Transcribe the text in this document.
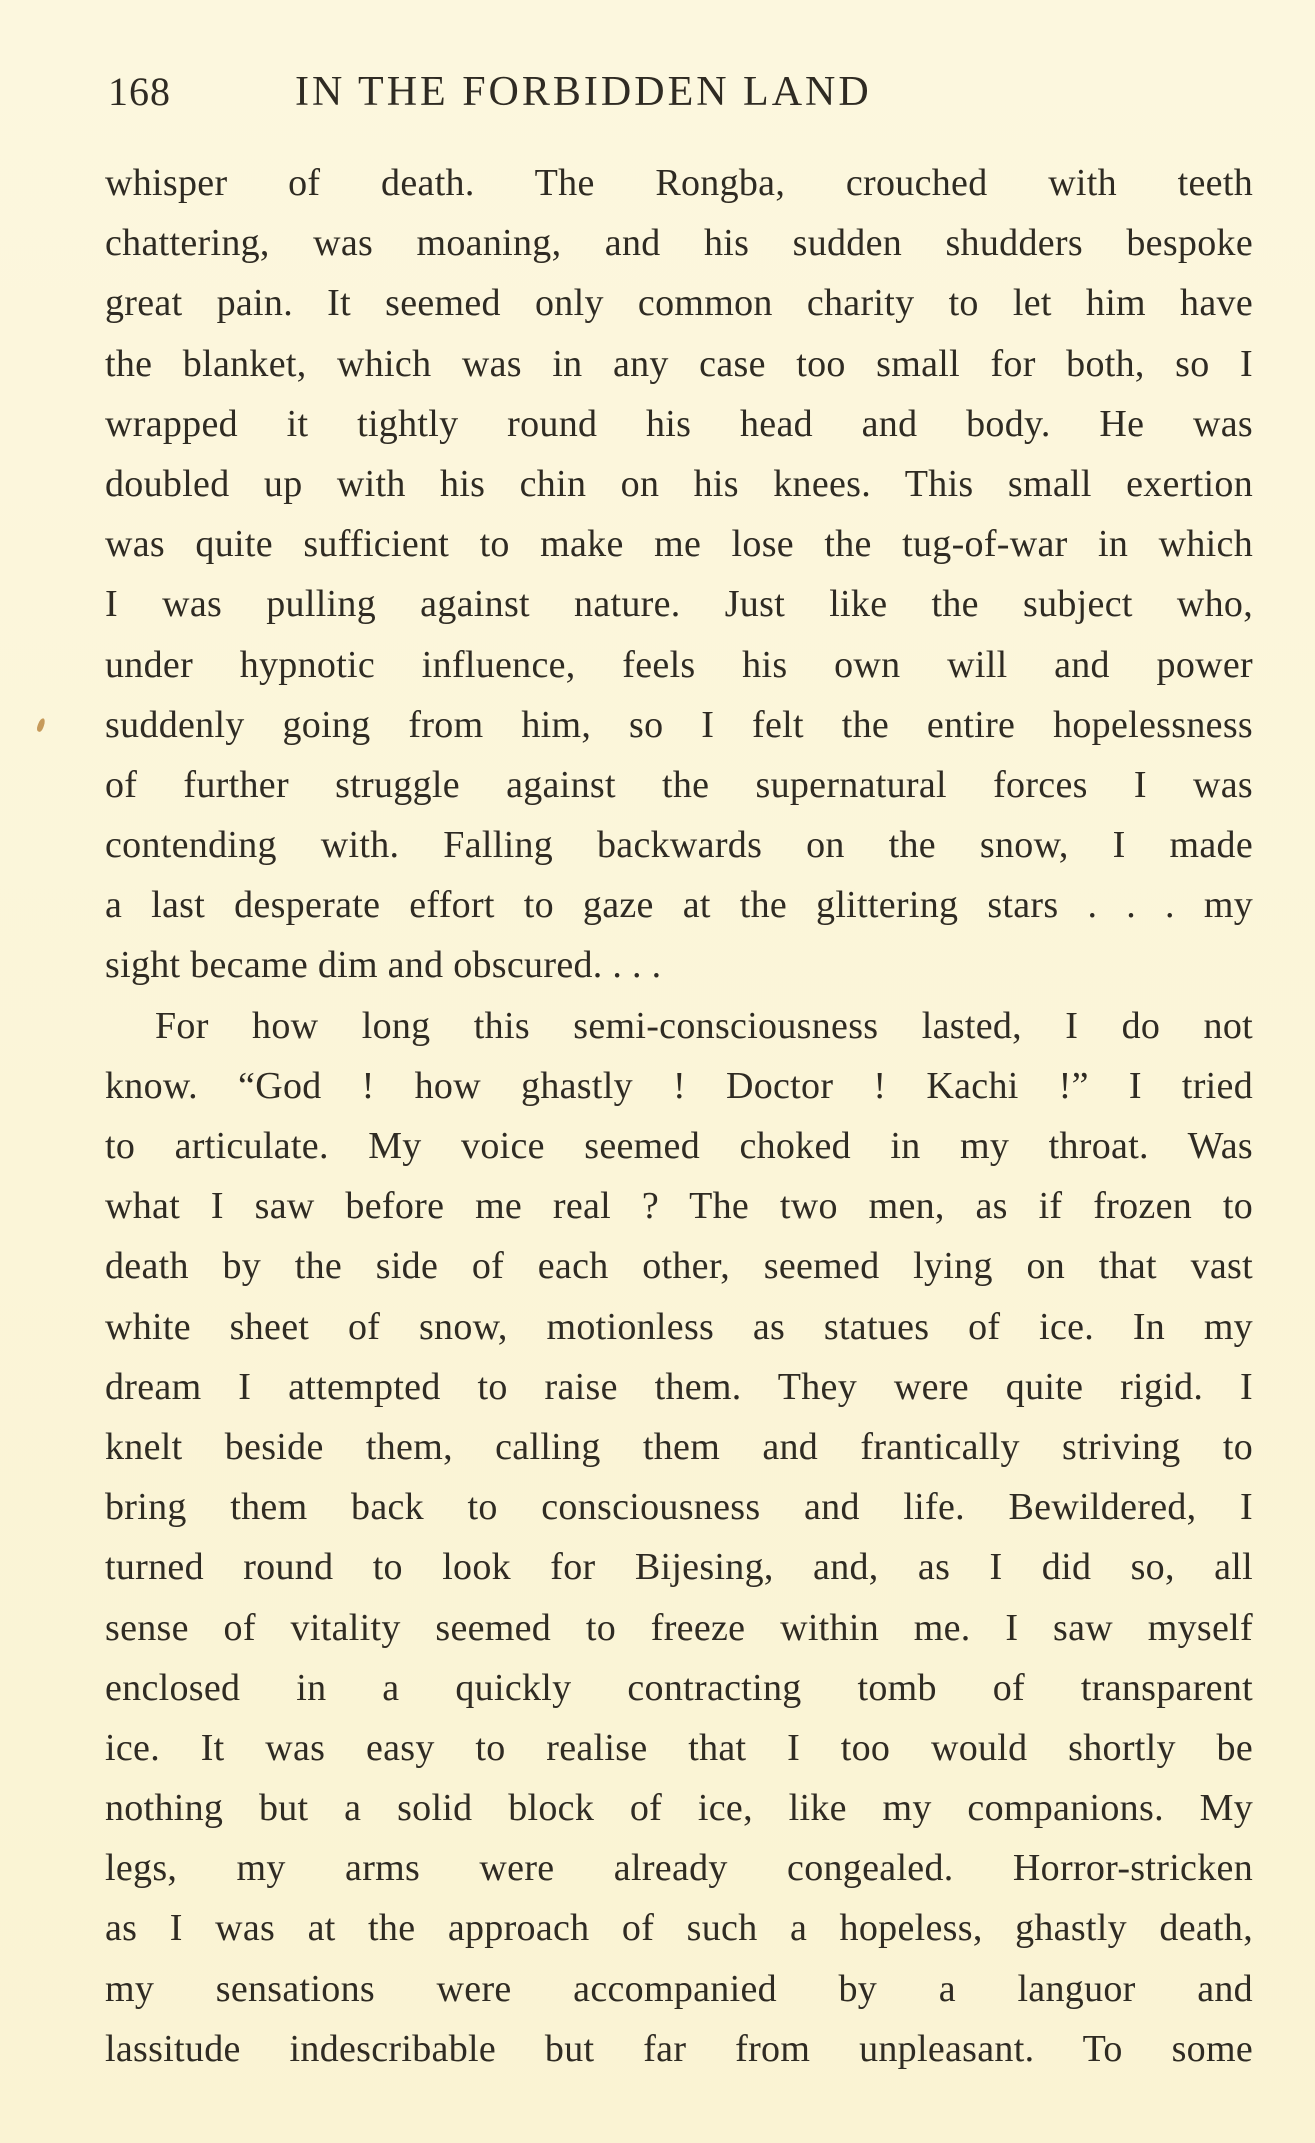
168	IN THE FORBIDDEN LAND
whisper of death. The Rongba, crouched with teeth
chattering, was moaning, and his sudden shudders bespoke
great pain. It seemed only common charity to let him have
the blanket, which was in any case too small for both, so I
wrapped it tightly round his head and body. He was
doubled up with his chin on his knees. This small exertion
was quite sufficient to make me lose the tug-of-war in which
I was pulling against nature. Just like the subject who,
under hypnotic influence, feels his own will and power
suddenly going from him, so I felt the entire hopelessness
of further struggle against the supernatural forces I was
contending with. Falling backwards on the snow, I made
a last desperate effort to gaze at the glittering stars . . . my
sight became dim and obscured. . . .
For how long this semi-consciousness lasted, I do not
know. “God ! how ghastly ! Doctor ! Kachi !” I tried
to articulate. My voice seemed choked in my throat. Was
what I saw before me real ? The two men, as if frozen to
death by the side of each other, seemed lying on that vast
white sheet of snow, motionless as statues of ice. In my
dream I attempted to raise them. They were quite rigid. I
knelt beside them, calling them and frantically striving to
bring them back to consciousness and life. Bewildered, I
turned round to look for Bijesing, and, as I did so, all
sense of vitality seemed to freeze within me. I saw myself
enclosed in a quickly contracting tomb of transparent
ice. It was easy to realise that I too would shortly be
nothing but a solid block of ice, like my companions. My
legs, my arms were already congealed. Horror-stricken
as I was at the approach of such a hopeless, ghastly death,
my sensations were accompanied by a languor and
lassitude indescribable but far from unpleasant. To some
